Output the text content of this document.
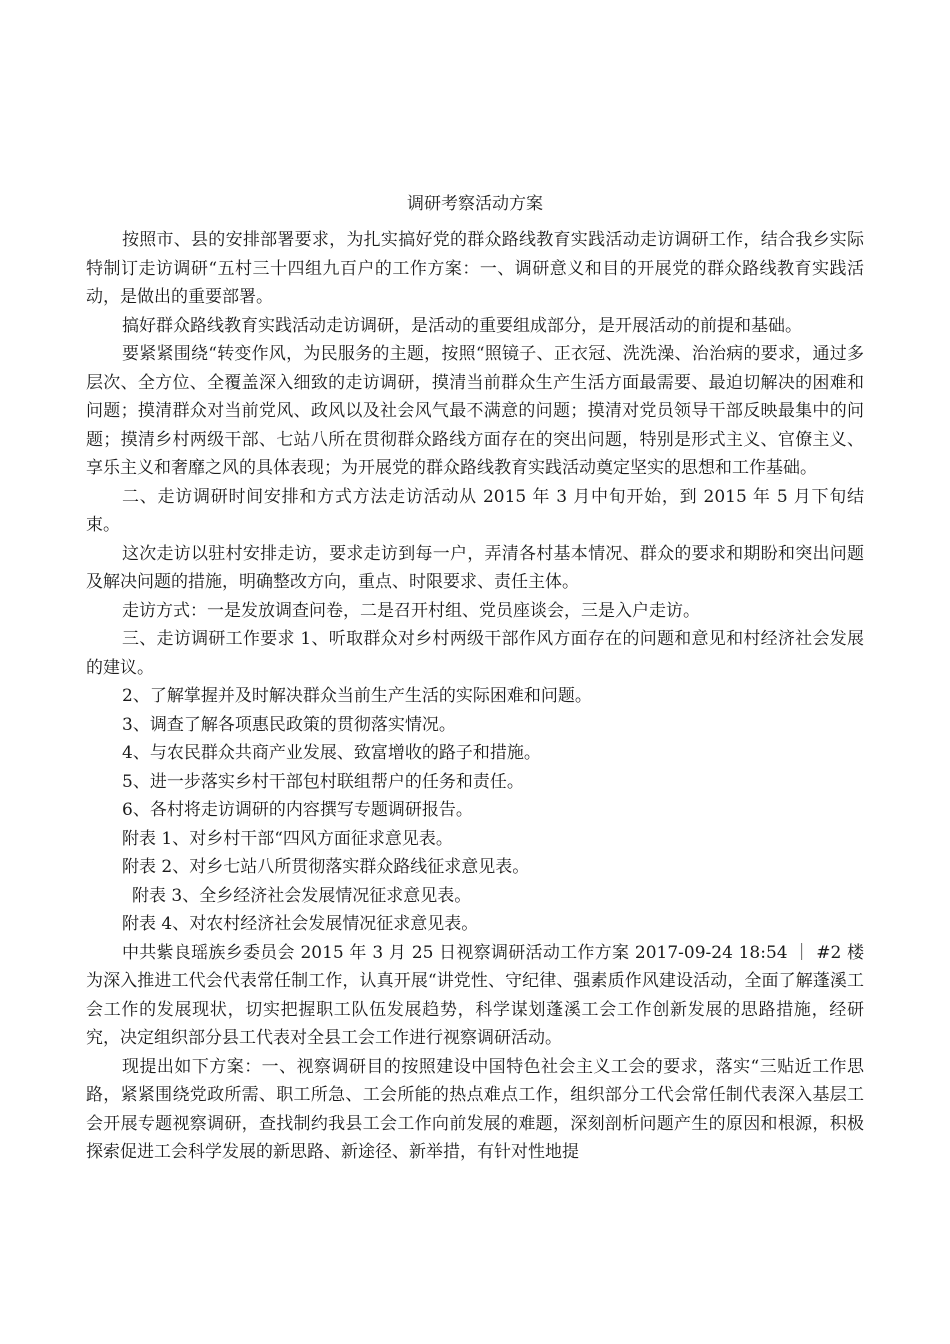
调研考察活动方案

按照市、县的安排部署要求，为扎实搞好党的群众路线教育实践活动走访调研工作，结合我乡实际特制订走访调研“五村三十四组九百户的工作方案：一、调研意义和目的开展党的群众路线教育实践活动，是做出的重要部署。

搞好群众路线教育实践活动走访调研，是活动的重要组成部分，是开展活动的前提和基础。

要紧紧围绕“转变作风，为民服务的主题，按照“照镜子、正衣冠、洗洗澡、治治病的要求，通过多层次、全方位、全覆盖深入细致的走访调研，摸清当前群众生产生活方面最需要、最迫切解决的困难和问题；摸清群众对当前党风、政风以及社会风气最不满意的问题；摸清对党员领导干部反映最集中的问题；摸清乡村两级干部、七站八所在贯彻群众路线方面存在的突出问题，特别是形式主义、官僚主义、享乐主义和奢靡之风的具体表现；为开展党的群众路线教育实践活动奠定坚实的思想和工作基础。

二、走访调研时间安排和方式方法走访活动从 2015 年 3 月中旬开始，到 2015 年 5 月下旬结束。

这次走访以驻村安排走访，要求走访到每一户，弄清各村基本情况、群众的要求和期盼和突出问题及解决问题的措施，明确整改方向，重点、时限要求、责任主体。

走访方式：一是发放调查问卷，二是召开村组、党员座谈会，三是入户走访。

三、走访调研工作要求 1、听取群众对乡村两级干部作风方面存在的问题和意见和村经济社会发展的建议。

2、了解掌握并及时解决群众当前生产生活的实际困难和问题。

3、调查了解各项惠民政策的贯彻落实情况。

4、与农民群众共商产业发展、致富增收的路子和措施。

5、进一步落实乡村干部包村联组帮户的任务和责任。

6、各村将走访调研的内容撰写专题调研报告。

附表 1、对乡村干部“四风方面征求意见表。

附表 2、对乡七站八所贯彻落实群众路线征求意见表。

附表 3、全乡经济社会发展情况征求意见表。

附表 4、对农村经济社会发展情况征求意见表。

中共紫良瑶族乡委员会 2015 年 3 月 25 日视察调研活动工作方案 2017-09-24 18:54 ｜ #2 楼为深入推进工代会代表常任制工作，认真开展“讲党性、守纪律、强素质作风建设活动，全面了解蓬溪工会工作的发展现状，切实把握职工队伍发展趋势，科学谋划蓬溪工会工作创新发展的思路措施，经研究，决定组织部分县工代表对全县工会工作进行视察调研活动。

现提出如下方案：一、视察调研目的按照建设中国特色社会主义工会的要求，落实“三贴近工作思路，紧紧围绕党政所需、职工所急、工会所能的热点难点工作，组织部分工代会常任制代表深入基层工会开展专题视察调研，查找制约我县工会工作向前发展的难题，深刻剖析问题产生的原因和根源，积极探索促进工会科学发展的新思路、新途径、新举措，有针对性地提
